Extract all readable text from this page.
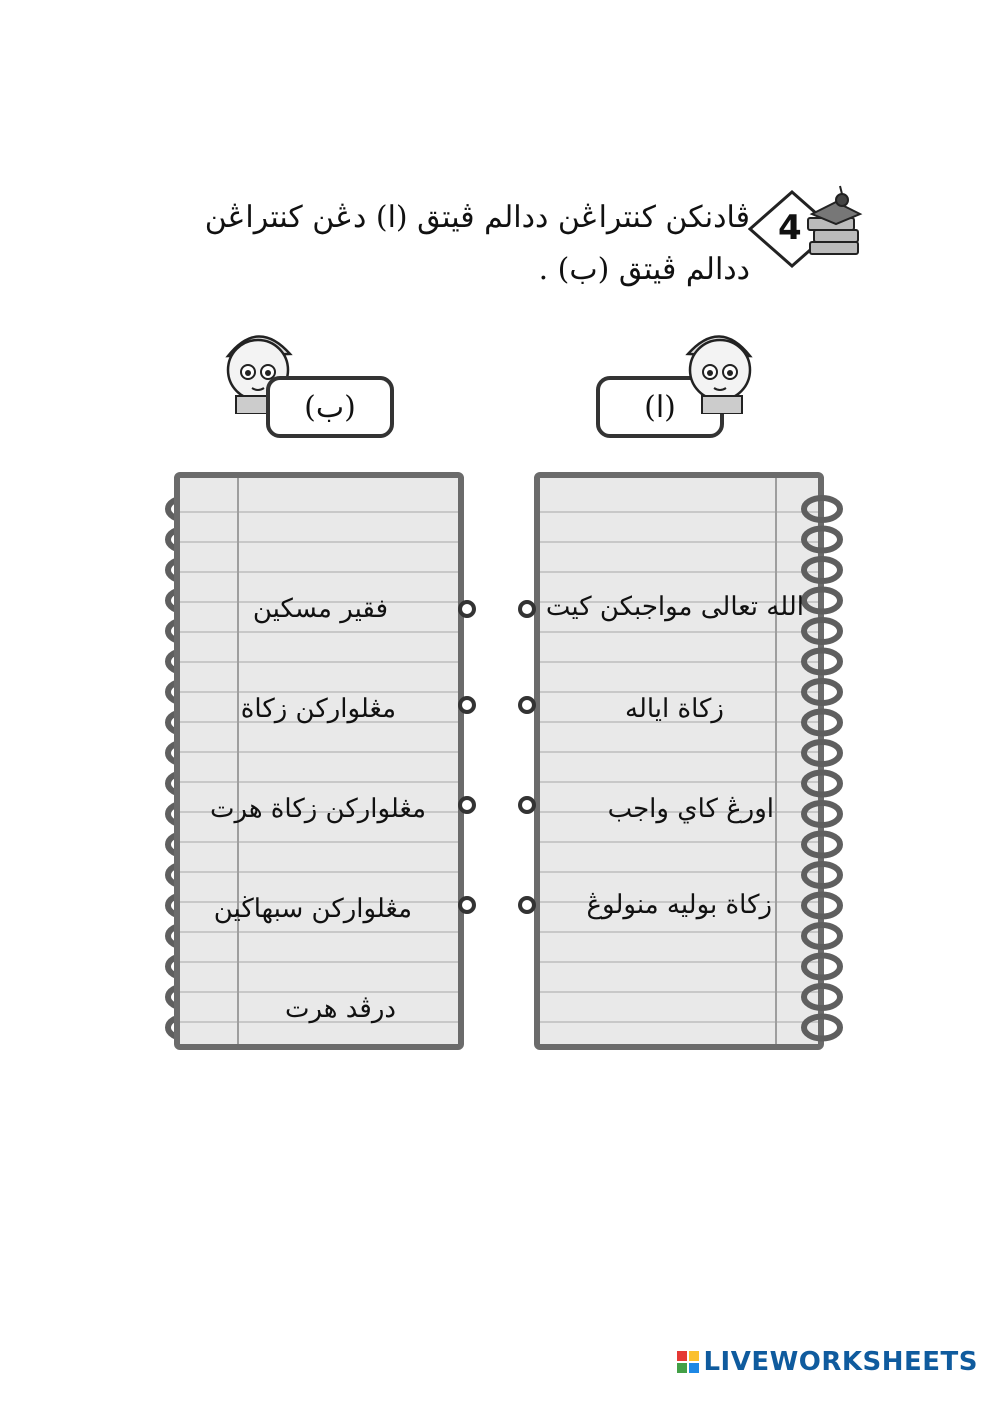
4
ڤادنكن كنتراڠن ددالم ڤيتق (ا) دڠن كنتراڠن ددالم ڤيتق (ب) .
(ب)	(ا)
فقير مسكين
مڠلواركن زكاة
مڠلواركن زكاة هرت
مڠلواركن سبهاڬين
درڤد هرت
الله تعالى مواجبكن كيت
زكاة اياله
اورڠ كاي واجب
زكاة بوليه منولوڠ
LIVEWORKSHEETS
